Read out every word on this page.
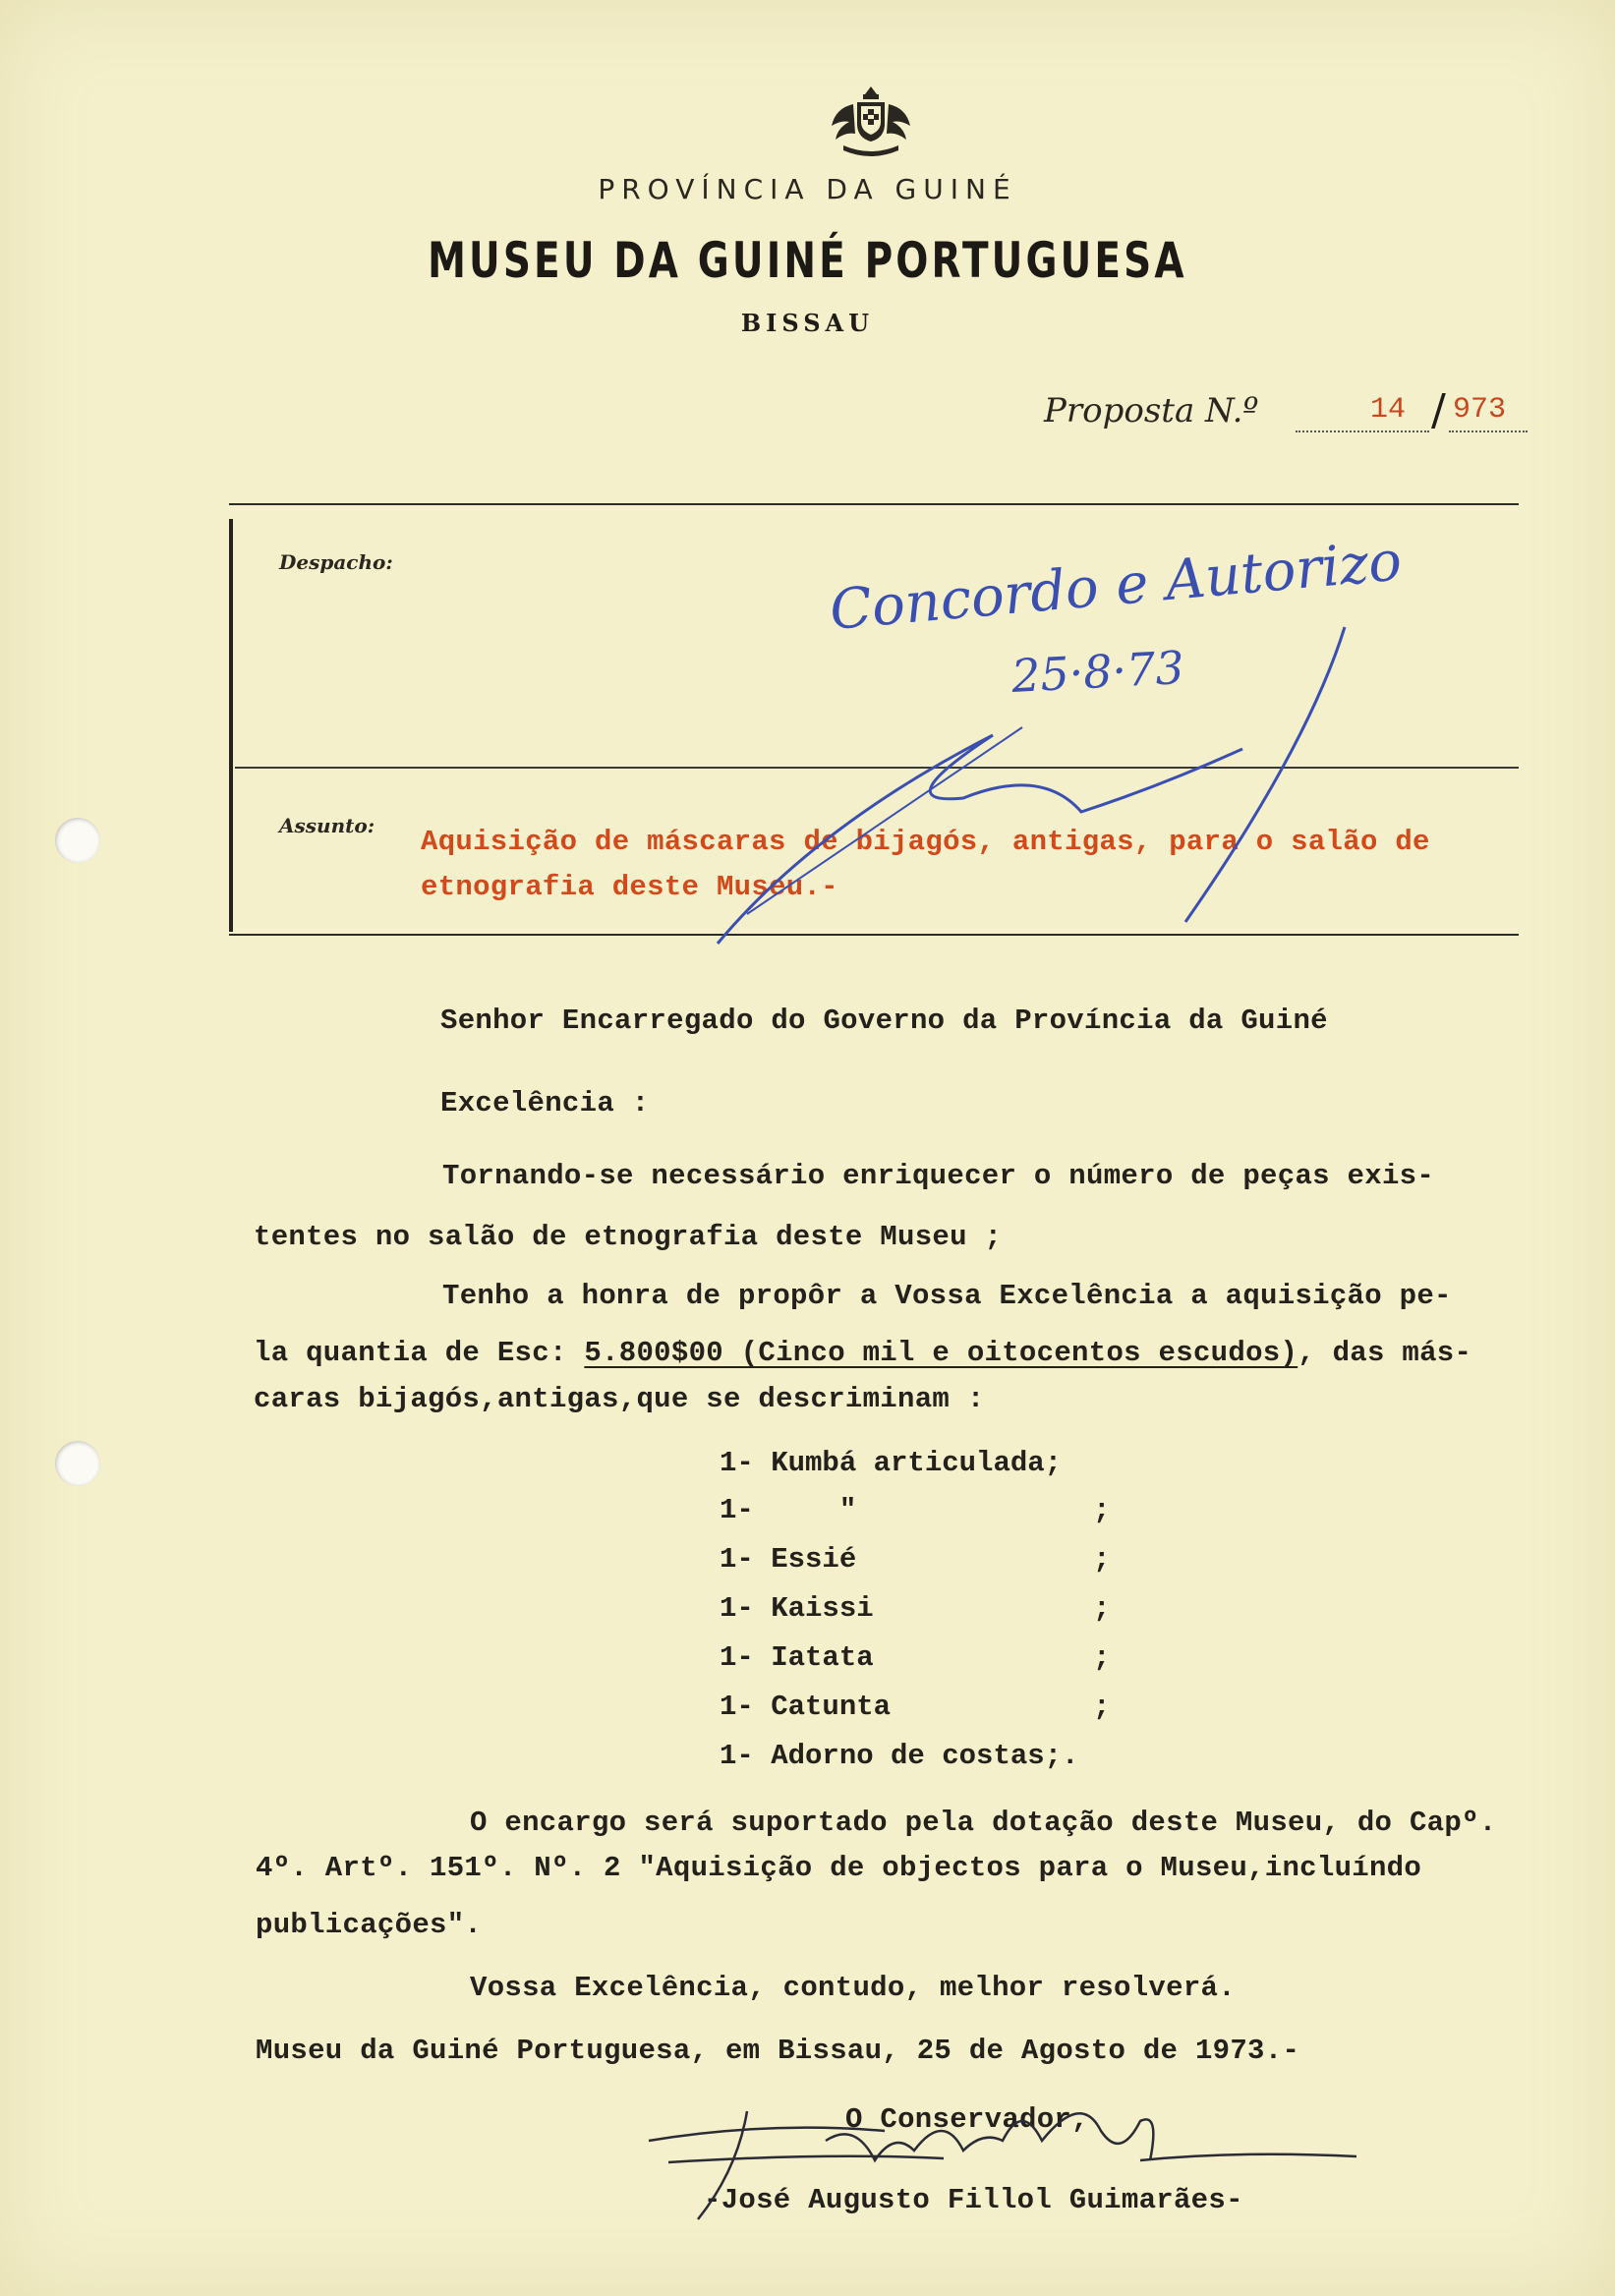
PROVÍNCIA DA GUINÉ
MUSEU DA GUINÉ PORTUGUESA
BISSAU
Proposta N.º	14 / 973
Despacho:
Assunto: Aquisição de máscaras de bijagós, antigas, para o salão de
etnografia deste Museu.-
Concordo e Autorizo
25·8·73
Senhor Encarregado do Governo da Província da Guiné
Excelência :
Tornando-se necessário enriquecer o número de peças exis-
tentes no salão de etnografia deste Museu ;
Tenho a honra de propôr a Vossa Excelência a aquisição pe-
la quantia de Esc: 5.800$00 (Cinco mil e oitocentos escudos), das más-
caras bijagós,antigas,que se descriminam :
1- Kumbá articulada;
1-     "	;
1- Essié	;
1- Kaissi	;
1- Iatata	;
1- Catunta	;
1- Adorno de costas;.
O encargo será suportado pela dotação deste Museu, do Capº.
4º. Artº. 151º. Nº. 2 "Aquisição de objectos para o Museu,incluíndo
publicações".
Vossa Excelência, contudo, melhor resolverá.
Museu da Guiné Portuguesa, em Bissau, 25 de Agosto de 1973.-
O Conservador,
-José Augusto Fillol Guimarães-
